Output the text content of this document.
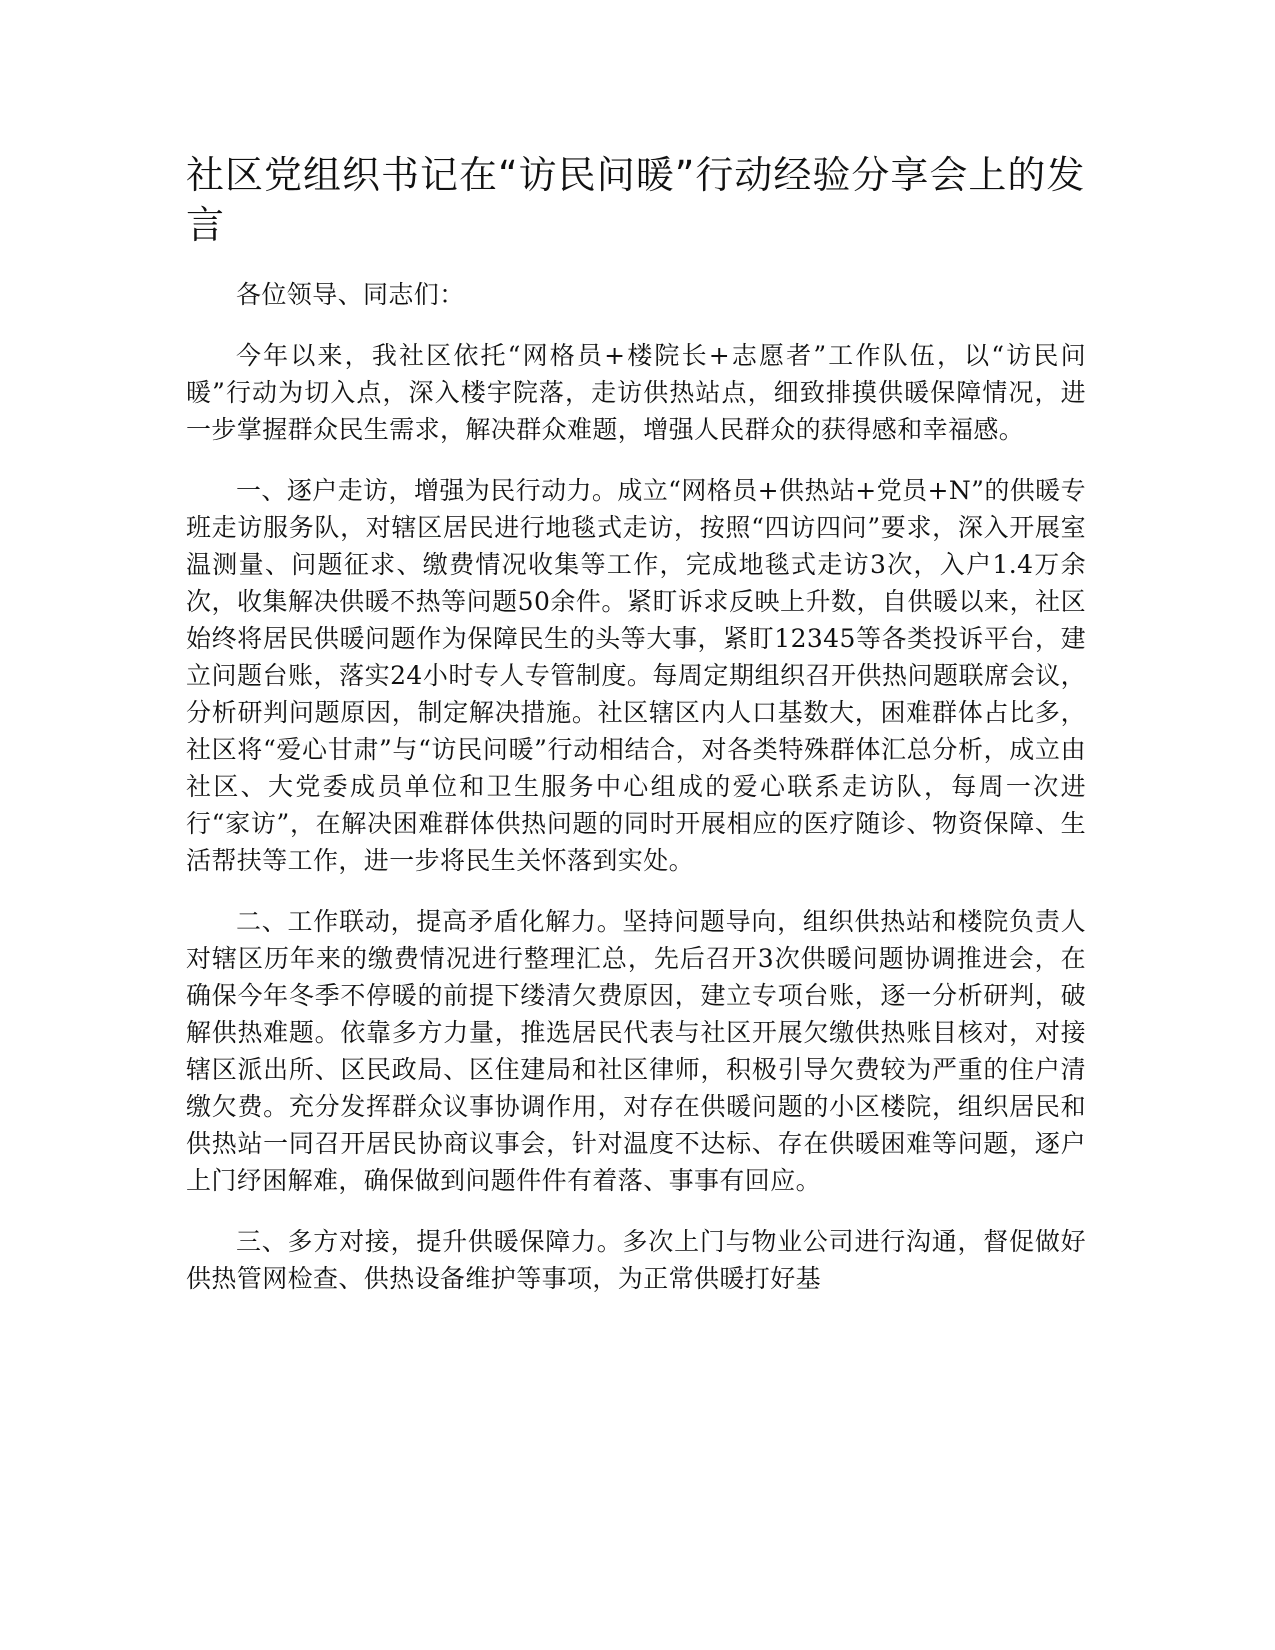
社区党组织书记在“访民问暖”行动经验分享会上的发言

各位领导、同志们：

今年以来，我社区依托“网格员+楼院长+志愿者”工作队伍，以“访民问暖”行动为切入点，深入楼宇院落，走访供热站点，细致排摸供暖保障情况，进一步掌握群众民生需求，解决群众难题，增强人民群众的获得感和幸福感。

一、逐户走访，增强为民行动力。成立“网格员+供热站+党员+N”的供暖专班走访服务队，对辖区居民进行地毯式走访，按照“四访四问”要求，深入开展室温测量、问题征求、缴费情况收集等工作，完成地毯式走访3次，入户1.4万余次，收集解决供暖不热等问题50余件。紧盯诉求反映上升数，自供暖以来，社区始终将居民供暖问题作为保障民生的头等大事，紧盯12345等各类投诉平台，建立问题台账，落实24小时专人专管制度。每周定期组织召开供热问题联席会议，分析研判问题原因，制定解决措施。社区辖区内人口基数大，困难群体占比多，社区将“爱心甘肃”与“访民问暖”行动相结合，对各类特殊群体汇总分析，成立由社区、大党委成员单位和卫生服务中心组成的爱心联系走访队，每周一次进行“家访”，在解决困难群体供热问题的同时开展相应的医疗随诊、物资保障、生活帮扶等工作，进一步将民生关怀落到实处。

二、工作联动，提高矛盾化解力。坚持问题导向，组织供热站和楼院负责人对辖区历年来的缴费情况进行整理汇总，先后召开3次供暖问题协调推进会，在确保今年冬季不停暖的前提下缕清欠费原因，建立专项台账，逐一分析研判，破解供热难题。依靠多方力量，推选居民代表与社区开展欠缴供热账目核对，对接辖区派出所、区民政局、区住建局和社区律师，积极引导欠费较为严重的住户清缴欠费。充分发挥群众议事协调作用，对存在供暖问题的小区楼院，组织居民和供热站一同召开居民协商议事会，针对温度不达标、存在供暖困难等问题，逐户上门纾困解难，确保做到问题件件有着落、事事有回应。

三、多方对接，提升供暖保障力。多次上门与物业公司进行沟通，督促做好供热管网检查、供热设备维护等事项，为正常供暖打好基
